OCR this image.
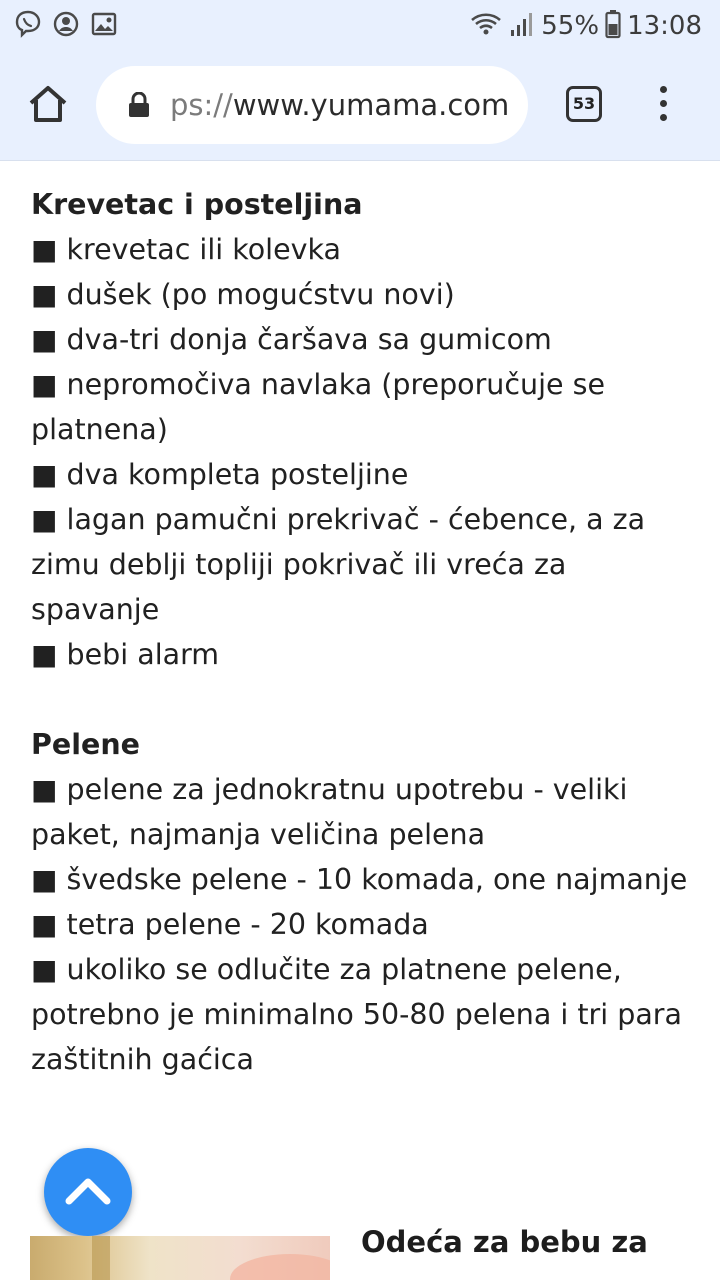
55% 13:08
ps://www.yumama.com	53
Krevetac i posteljina
■ krevetac ili kolevka
■ dušek (po mogućstvu novi)
■ dva-tri donja čaršava sa gumicom
■ nepromočiva navlaka (preporučuje se platnena)
■ dva kompleta posteljine
■ lagan pamučni prekrivač - ćebence, a za zimu deblji topliji pokrivač ili vreća za spavanje
■ bebi alarm
Pelene
■ pelene za jednokratnu upotrebu - veliki paket, najmanja veličina pelena
■ švedske pelene - 10 komada, one najmanje
■ tetra pelene - 20 komada
■ ukoliko se odlučite za platnene pelene, potrebno je minimalno 50-80 pelena i tri para zaštitnih gaćica
Odeća za bebu za
